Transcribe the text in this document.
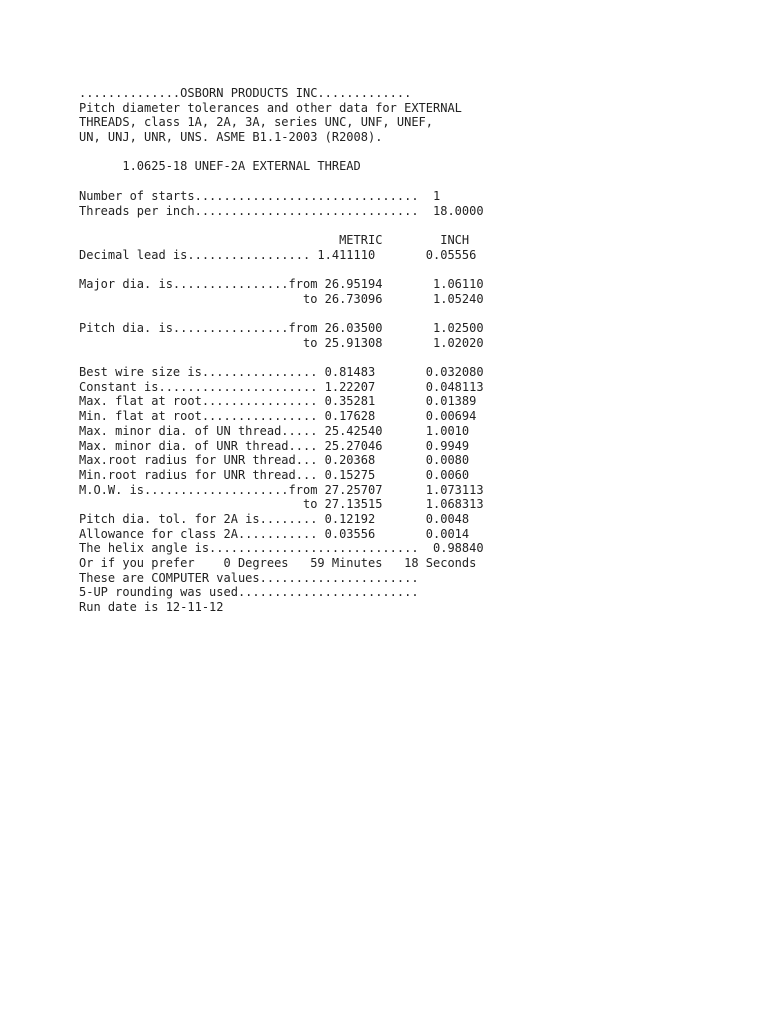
..............OSBORN PRODUCTS INC.............

Pitch diameter tolerances and other data for EXTERNAL

THREADS, class 1A, 2A, 3A, series UNC, UNF, UNEF,

UN, UNJ, UNR, UNS. ASME B1.1-2003 (R2008).

1.0625-18 UNEF-2A EXTERNAL THREAD

Number of starts...............................  1

Threads per inch...............................  18.0000

METRIC        INCH

Decimal lead is................. 1.411110       0.05556

Major dia. is................from 26.95194       1.06110

to 26.73096       1.05240

Pitch dia. is................from 26.03500       1.02500

to 25.91308       1.02020

Best wire size is................ 0.81483       0.032080

Constant is...................... 1.22207       0.048113

Max. flat at root................ 0.35281       0.01389

Min. flat at root................ 0.17628       0.00694

Max. minor dia. of UN thread..... 25.42540      1.0010

Max. minor dia. of UNR thread.... 25.27046      0.9949

Max.root radius for UNR thread... 0.20368       0.0080

Min.root radius for UNR thread... 0.15275       0.0060

M.O.W. is....................from 27.25707      1.073113

to 27.13515      1.068313

Pitch dia. tol. for 2A is........ 0.12192       0.0048

Allowance for class 2A........... 0.03556       0.0014

The helix angle is.............................  0.98840

Or if you prefer    0 Degrees   59 Minutes   18 Seconds

These are COMPUTER values......................

5-UP rounding was used.........................

Run date is 12-11-12
